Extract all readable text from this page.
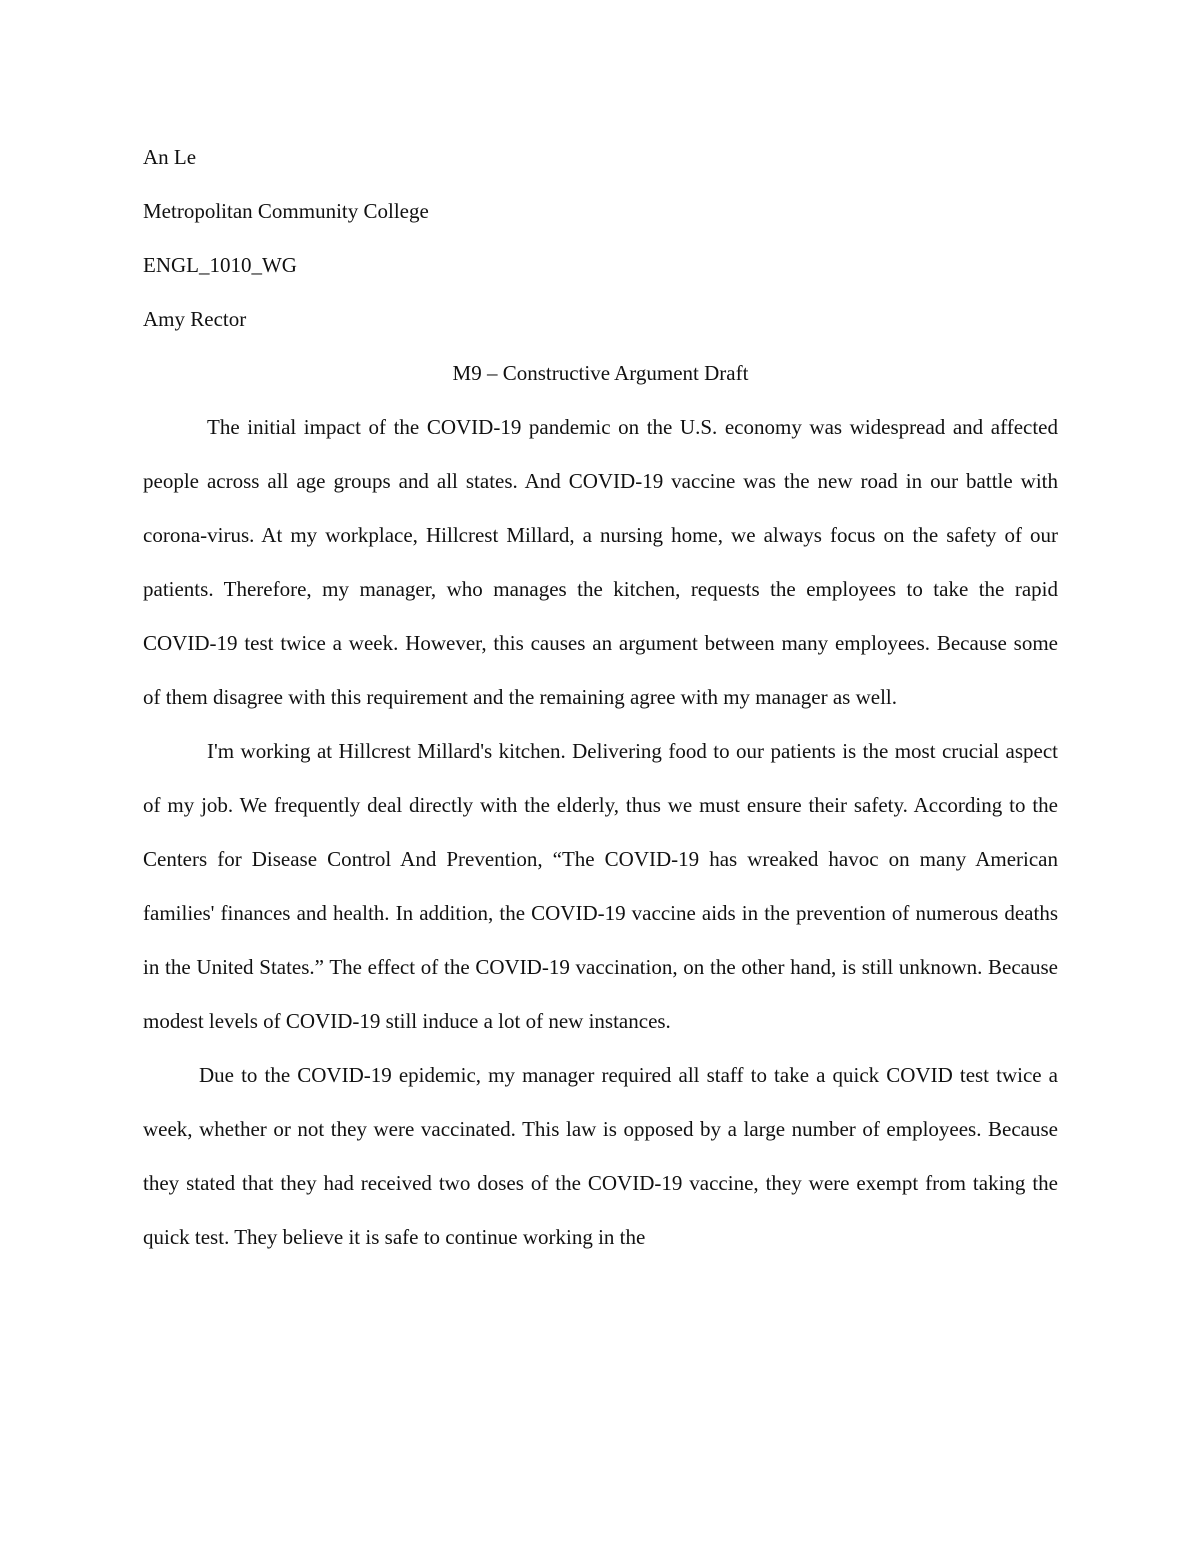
An Le
Metropolitan Community College
ENGL_1010_WG
Amy Rector
M9 – Constructive Argument Draft

The initial impact of the COVID-19 pandemic on the U.S. economy was widespread and affected people across all age groups and all states. And COVID-19 vaccine was the new road in our battle with corona-virus. At my workplace, Hillcrest Millard, a nursing home, we always focus on the safety of our patients. Therefore, my manager, who manages the kitchen, requests the employees to take the rapid COVID-19 test twice a week. However, this causes an argument between many employees. Because some of them disagree with this requirement and the remaining agree with my manager as well.

I'm working at Hillcrest Millard's kitchen. Delivering food to our patients is the most crucial aspect of my job. We frequently deal directly with the elderly, thus we must ensure their safety. According to the Centers for Disease Control And Prevention, “The COVID-19 has wreaked havoc on many American families' finances and health. In addition, the COVID-19 vaccine aids in the prevention of numerous deaths in the United States.” The effect of the COVID-19 vaccination, on the other hand, is still unknown. Because modest levels of COVID-19 still induce a lot of new instances.

Due to the COVID-19 epidemic, my manager required all staff to take a quick COVID test twice a week, whether or not they were vaccinated. This law is opposed by a large number of employees. Because they stated that they had received two doses of the COVID-19 vaccine, they were exempt from taking the quick test. They believe it is safe to continue working in the
